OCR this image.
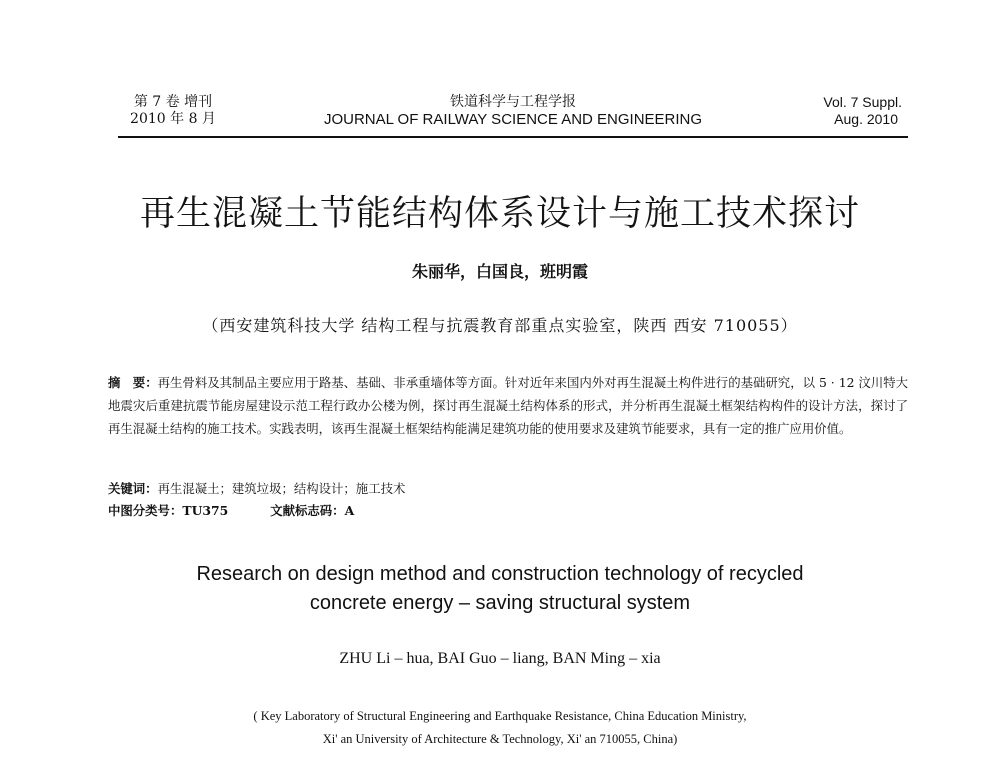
第 7 卷 增刊
2010 年 8 月
铁道科学与工程学报
JOURNAL OF RAILWAY SCIENCE AND ENGINEERING
Vol. 7 Suppl.
Aug. 2010
再生混凝土节能结构体系设计与施工技术探讨
朱丽华，白国良，班明霞
（西安建筑科技大学 结构工程与抗震教育部重点实验室，陕西 西安 710055）
摘　要：再生骨料及其制品主要应用于路基、基础、非承重墙体等方面。针对近年来国内外对再生混凝土构件进行的基础研究，以 5 · 12 汶川特大地震灾后重建抗震节能房屋建设示范工程行政办公楼为例，探讨再生混凝土结构体系的形式，并分析再生混凝土框架结构构件的设计方法，探讨了再生混凝土结构的施工技术。实践表明，该再生混凝土框架结构能满足建筑功能的使用要求及建筑节能要求，具有一定的推广应用价值。
关键词：再生混凝土；建筑垃圾；结构设计；施工技术
中图分类号：TU375	文献标志码：A
Research on design method and construction technology of recycled
concrete energy – saving structural system
ZHU Li – hua, BAI Guo – liang, BAN Ming – xia
( Key Laboratory of Structural Engineering and Earthquake Resistance, China Education Ministry,
Xi' an University of Architecture & Technology, Xi' an 710055, China)
